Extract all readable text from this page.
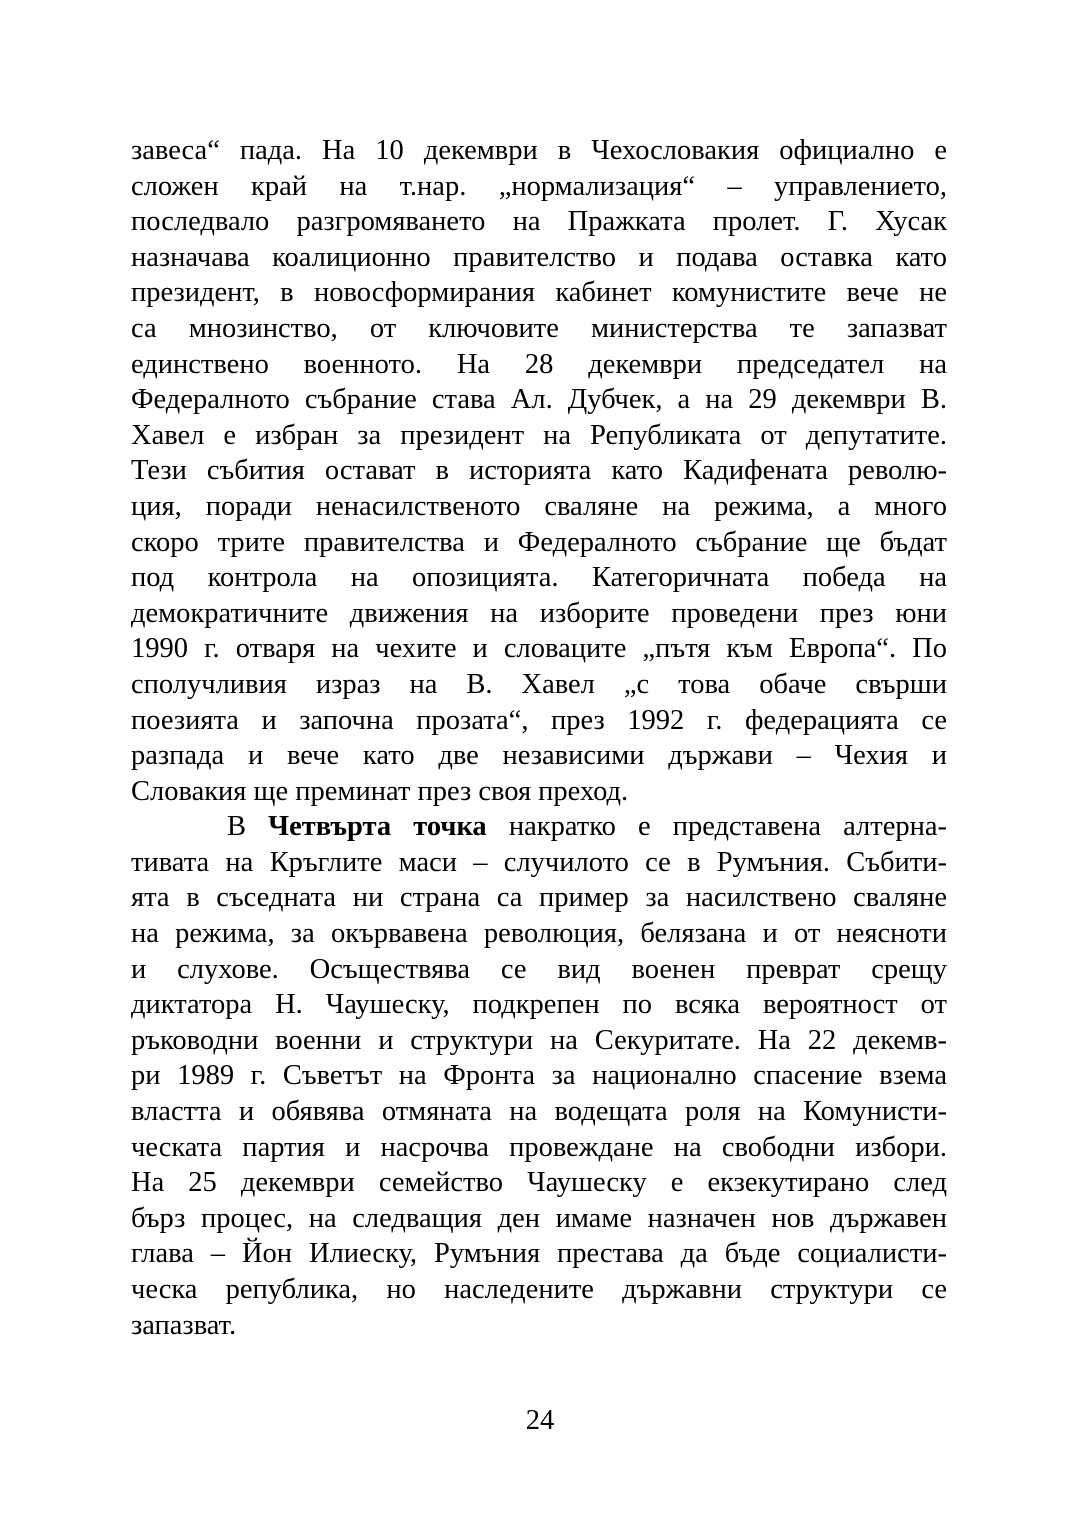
завеса“ пада. На 10 декември в Чехословакия официално е
сложен край на т.нар. „нормализация“ – управлението,
последвало разгромяването на Пражката пролет. Г. Хусак
назначава коалиционно правителство и подава оставка като
президент, в новосформирания кабинет комунистите вече не
са мнозинство, от ключовите министерства те запазват
единствено военното. На 28 декември председател на
Федералното събрание става Ал. Дубчек, а на 29 декември В.
Хавел е избран за президент на Републиката от депутатите.
Тези събития остават в историята като Кадифената револю-
ция, поради ненасилственото сваляне на режима, а много
скоро трите правителства и Федералното събрание ще бъдат
под контрола на опозицията. Категоричната победа на
демократичните движения на изборите проведени през юни
1990 г. отваря на чехите и словаците „пътя към Европа“. По
сполучливия израз на В. Хавел „с това обаче свърши
поезията и започна прозата“, през 1992 г. федерацията се
разпада и вече като две независими държави – Чехия и
Словакия ще преминат през своя преход.
В Четвърта точка накратко е представена алтерна-
тивата на Кръглите маси – случилото се в Румъния. Събити-
ята в съседната ни страна са пример за насилствено сваляне
на режима, за окървавена революция, белязана и от неясноти
и слухове. Осъществява се вид военен преврат срещу
диктатора Н. Чаушеску, подкрепен по всяка вероятност от
ръководни военни и структури на Секуритате. На 22 декемв-
ри 1989 г. Съветът на Фронта за национално спасение взема
властта и обявява отмяната на водещата роля на Комунисти-
ческата партия и насрочва провеждане на свободни избори.
На 25 декември семейство Чаушеску е екзекутирано след
бърз процес, на следващия ден имаме назначен нов държавен
глава – Йон Илиеску, Румъния престава да бъде социалисти-
ческа република, но наследените държавни структури се
запазват.
24
